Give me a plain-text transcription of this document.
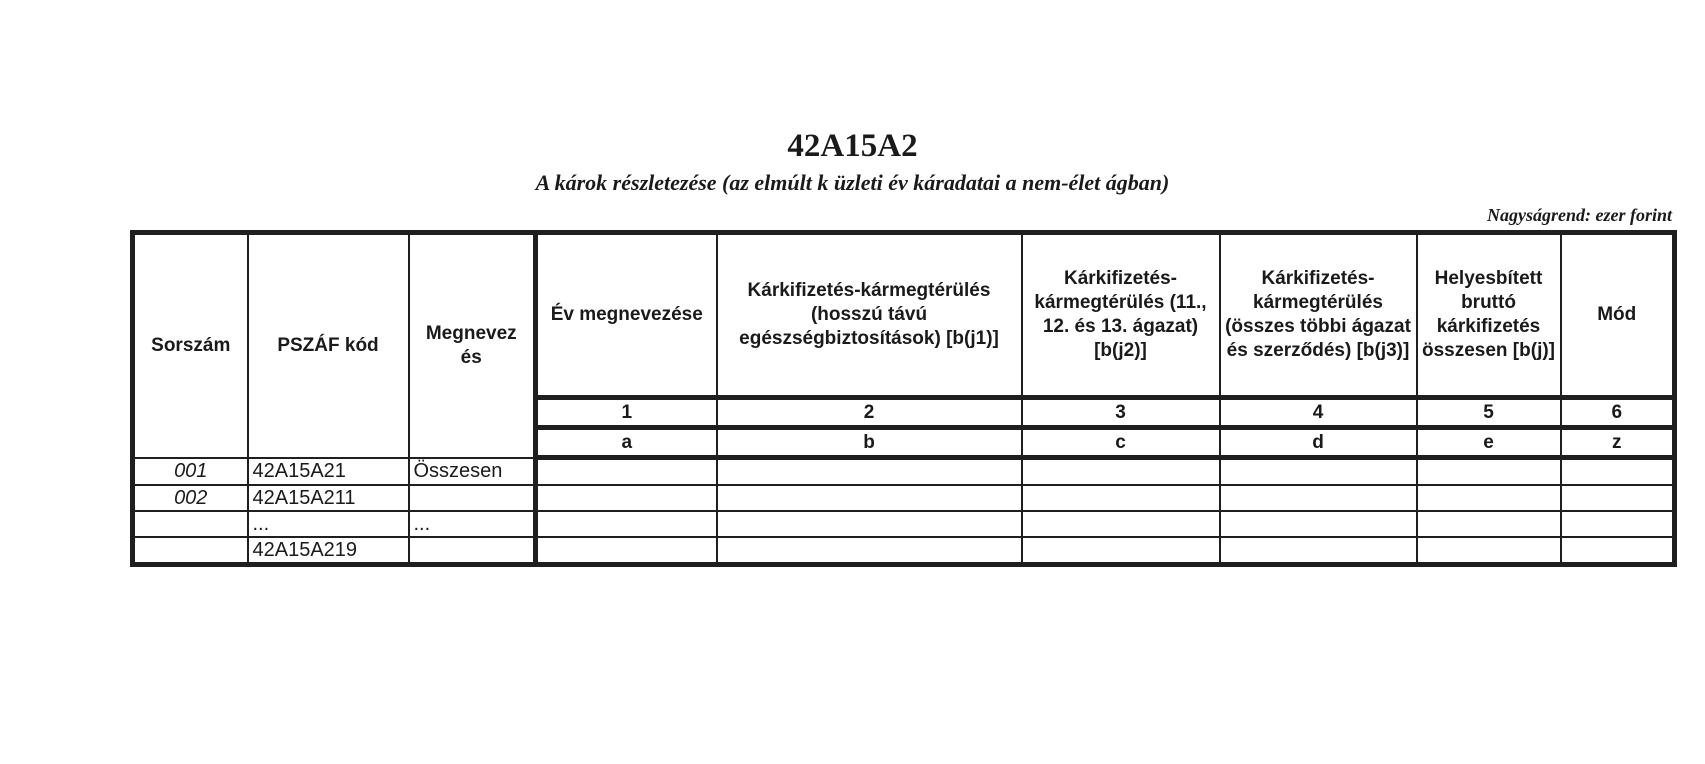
42A15A2
A károk részletezése (az elmúlt k üzleti év káradatai a nem-élet ágban)
Nagyságrend: ezer forint
Sorszám	PSZÁF kód	Megnevez és	Év megnevezése	Kárkifizetés-kármegtérülés (hosszú távú egészségbiztosítások) [b(j1)]	Kárkifizetés-kármegtérülés (11., 12. és 13. ágazat) [b(j2)]	Kárkifizetés-kármegtérülés (összes többi ágazat és szerződés) [b(j3)]	Helyesbített bruttó kárkifizetés összesen [b(j)]	Mód
			1	2	3	4	5	6
			a	b	c	d	e	z
001	42A15A21	Összesen						
002	42A15A211							
	...	...						
	42A15A219							
